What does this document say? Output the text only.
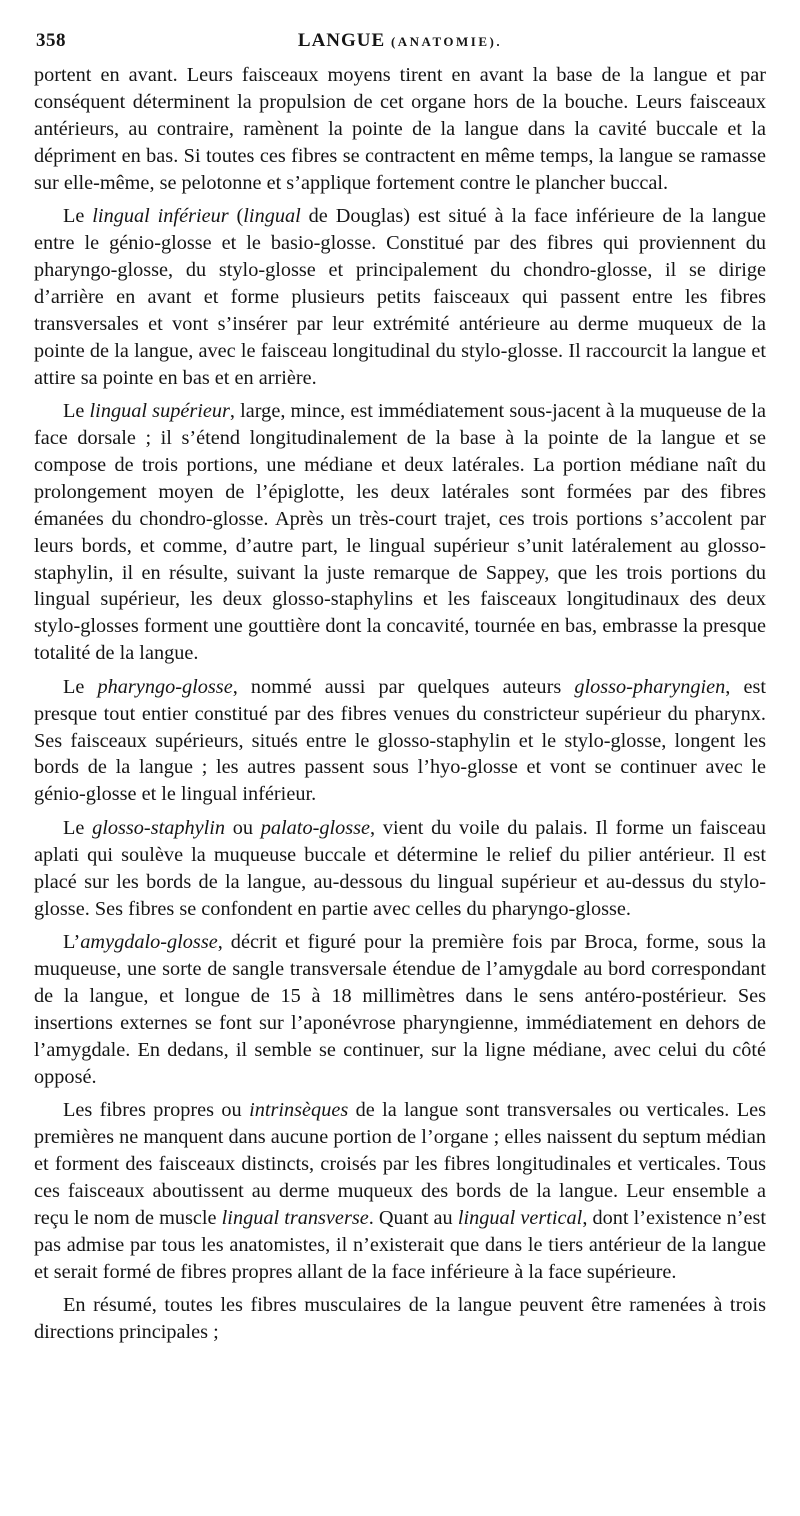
358	LANGUE (ANATOMIE).

portent en avant. Leurs faisceaux moyens tirent en avant la base de la langue et par conséquent déterminent la propulsion de cet organe hors de la bouche. Leurs faisceaux antérieurs, au contraire, ramènent la pointe de la langue dans la cavité buccale et la dépriment en bas. Si toutes ces fibres se contractent en même temps, la langue se ramasse sur elle-même, se pelotonne et s’applique fortement contre le plancher buccal.

Le lingual inférieur (lingual de Douglas) est situé à la face inférieure de la langue entre le génio-glosse et le basio-glosse. Constitué par des fibres qui proviennent du pharyngo-glosse, du stylo-glosse et principalement du chondro-glosse, il se dirige d’arrière en avant et forme plusieurs petits faisceaux qui passent entre les fibres transversales et vont s’insérer par leur extrémité antérieure au derme muqueux de la pointe de la langue, avec le faisceau longitudinal du stylo-glosse. Il raccourcit la langue et attire sa pointe en bas et en arrière.

Le lingual supérieur, large, mince, est immédiatement sous-jacent à la muqueuse de la face dorsale ; il s’étend longitudinalement de la base à la pointe de la langue et se compose de trois portions, une médiane et deux latérales. La portion médiane naît du prolongement moyen de l’épiglotte, les deux latérales sont formées par des fibres émanées du chondro-glosse. Après un très-court trajet, ces trois portions s’accolent par leurs bords, et comme, d’autre part, le lingual supérieur s’unit latéralement au glosso-staphylin, il en résulte, suivant la juste remarque de Sappey, que les trois portions du lingual supérieur, les deux glosso-staphylins et les faisceaux longitudinaux des deux stylo-glosses forment une gouttière dont la concavité, tournée en bas, embrasse la presque totalité de la langue.

Le pharyngo-glosse, nommé aussi par quelques auteurs glosso-pharyngien, est presque tout entier constitué par des fibres venues du constricteur supérieur du pharynx. Ses faisceaux supérieurs, situés entre le glosso-staphylin et le stylo-glosse, longent les bords de la langue ; les autres passent sous l’hyo-glosse et vont se continuer avec le génio-glosse et le lingual inférieur.

Le glosso-staphylin ou palato-glosse, vient du voile du palais. Il forme un faisceau aplati qui soulève la muqueuse buccale et détermine le relief du pilier antérieur. Il est placé sur les bords de la langue, au-dessous du lingual supérieur et au-dessus du stylo-glosse. Ses fibres se confondent en partie avec celles du pharyngo-glosse.

L’amygdalo-glosse, décrit et figuré pour la première fois par Broca, forme, sous la muqueuse, une sorte de sangle transversale étendue de l’amygdale au bord correspondant de la langue, et longue de 15 à 18 millimètres dans le sens antéro-postérieur. Ses insertions externes se font sur l’aponévrose pharyngienne, immédiatement en dehors de l’amygdale. En dedans, il semble se continuer, sur la ligne médiane, avec celui du côté opposé.

Les fibres propres ou intrinsèques de la langue sont transversales ou verticales. Les premières ne manquent dans aucune portion de l’organe ; elles naissent du septum médian et forment des faisceaux distincts, croisés par les fibres longitudinales et verticales. Tous ces faisceaux aboutissent au derme muqueux des bords de la langue. Leur ensemble a reçu le nom de muscle lingual transverse. Quant au lingual vertical, dont l’existence n’est pas admise par tous les anatomistes, il n’existerait que dans le tiers antérieur de la langue et serait formé de fibres propres allant de la face inférieure à la face supérieure.

En résumé, toutes les fibres musculaires de la langue peuvent être ramenées à trois directions principales ;
